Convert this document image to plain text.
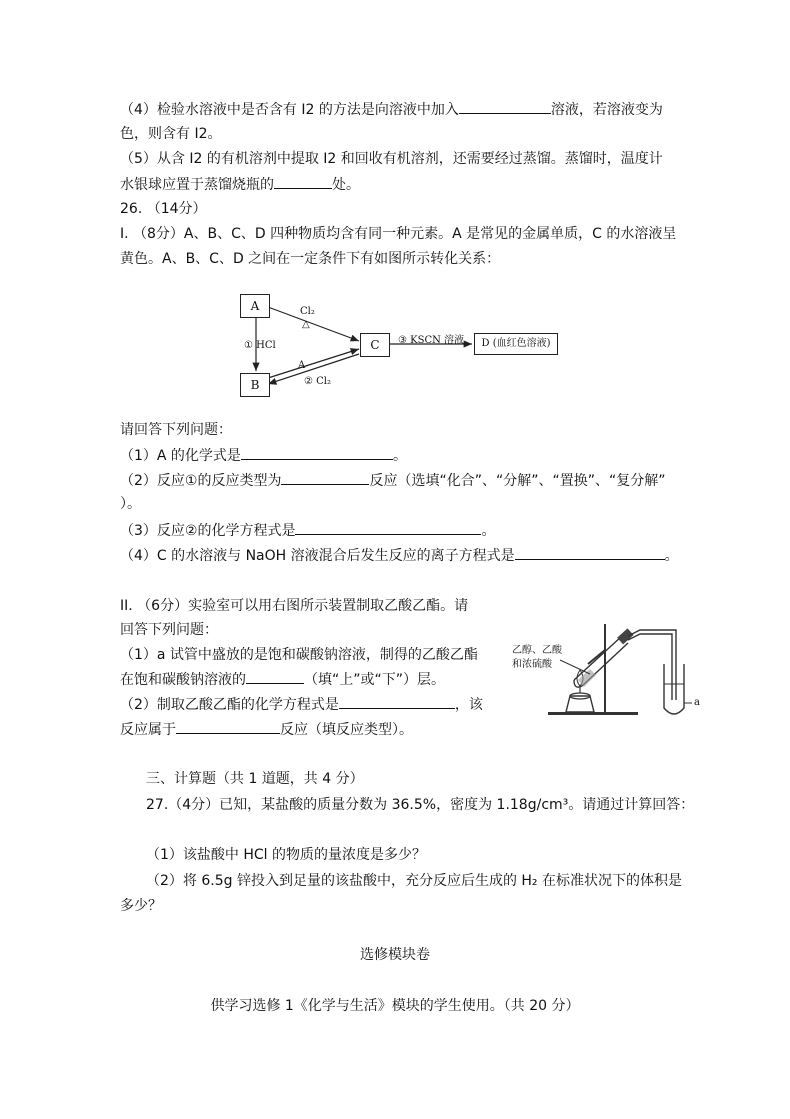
（4）检验水溶液中是否含有 I2 的方法是向溶液中加入	溶液，若溶液变为
色，则含有 I2。
（5）从含 I2 的有机溶剂中提取 I2 和回收有机溶剂，还需要经过蒸馏。蒸馏时，温度计
水银球应置于蒸馏烧瓶的	处。
26. （14分）
I. （8分）A、B、C、D 四种物质均含有同一种元素。A 是常见的金属单质，C 的水溶液呈
黄色。A、B、C、D 之间在一定条件下有如图所示转化关系：
A
B
C	D (血红色溶液)
Cl₂
△
① HCl
A
② Cl₂
③ KSCN 溶液
请回答下列问题：
（1）A 的化学式是	。
（2）反应①的反应类型为	反应（选填“化合”、“分解”、“置换”、“复分解”
）。
（3）反应②的化学方程式是	。
（4）C 的水溶液与 NaOH 溶液混合后发生反应的离子方程式是	。
II. （6分）实验室可以用右图所示装置制取乙酸乙酯。请
回答下列问题：
（1）a 试管中盛放的是饱和碳酸钠溶液，制得的乙酸乙酯
在饱和碳酸钠溶液的	（填“上”或“下”）层。
（2）制取乙酸乙酯的化学方程式是	，该
反应属于	反应（填反应类型）。
乙醇、乙酸
和浓硫酸
a
三、计算题（共 1 道题，共 4 分）
27.（4分）已知，某盐酸的质量分数为 36.5%，密度为 1.18g/cm³。请通过计算回答：
（1）该盐酸中 HCl 的物质的量浓度是多少？
（2）将 6.5g 锌投入到足量的该盐酸中，充分反应后生成的 H₂ 在标准状况下的体积是
多少？
选修模块卷
供学习选修 1《化学与生活》模块的学生使用。（共 20 分）
